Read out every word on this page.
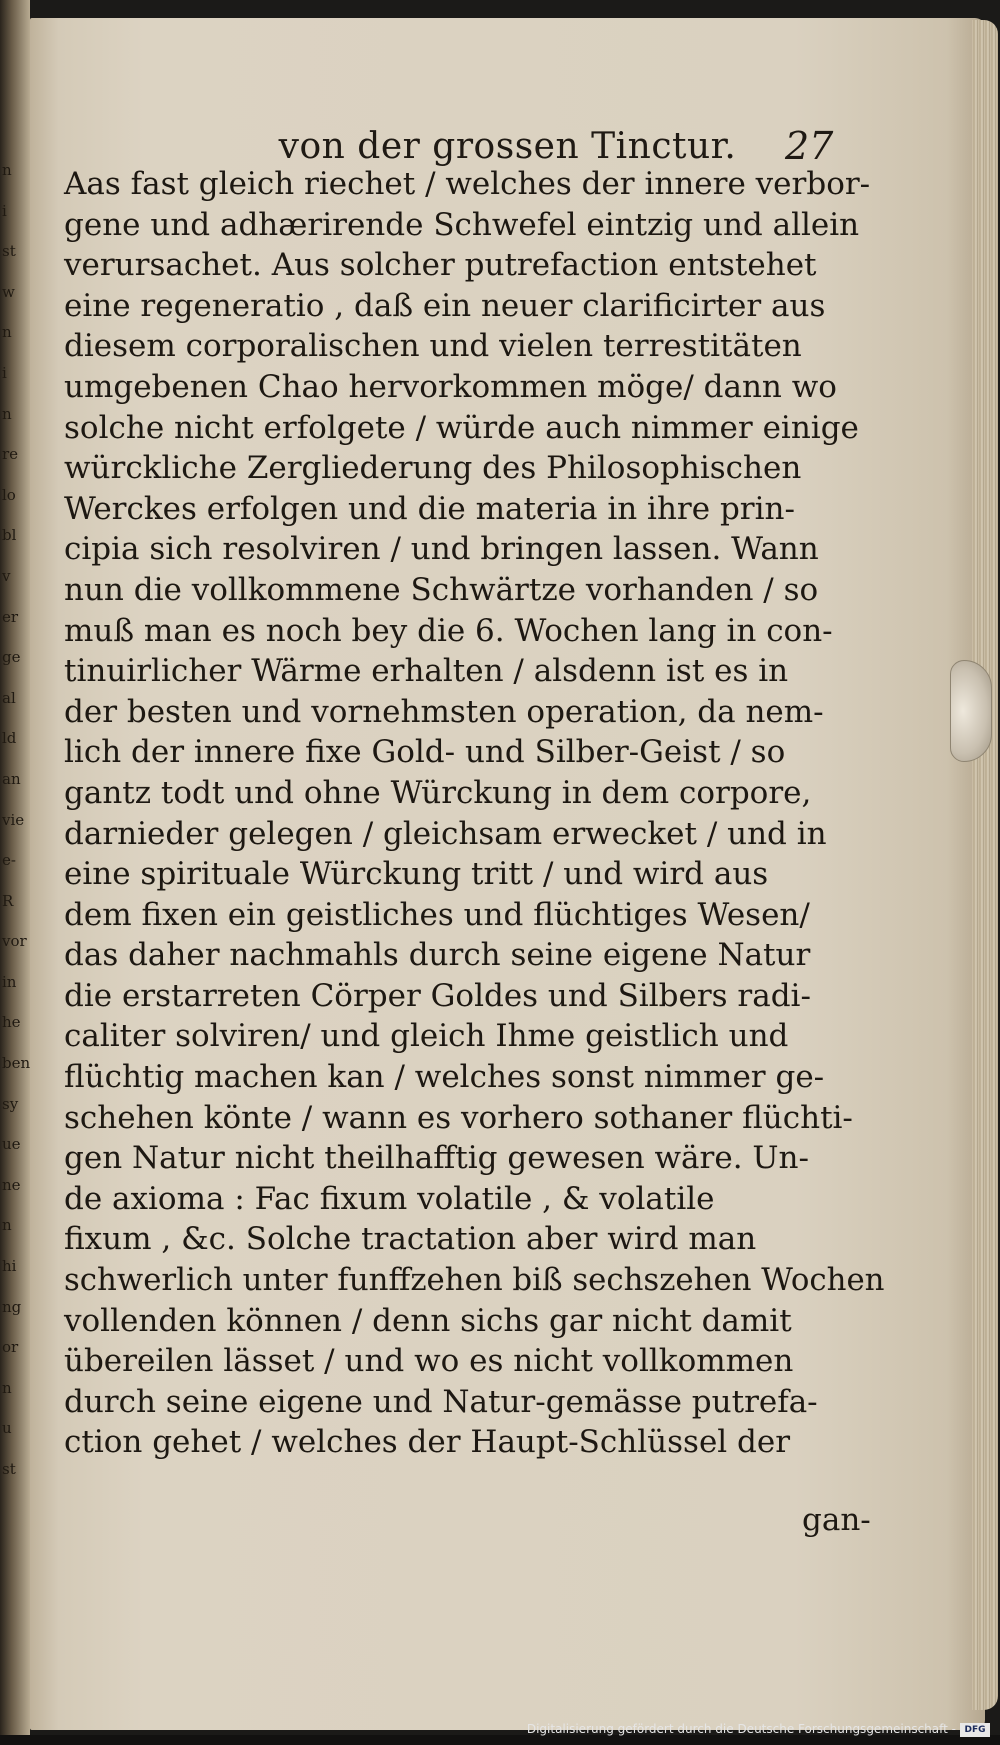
n
i
st
w
n
i
n
re
lo
bl
v
er
ge
al
ld
an
vie
e-
R
vor
in
he
ben
sy
ue
ne
n
hi
ng
or
n
u
st
von der grossen Tinctur.	27
Aas fast gleich riechet / welches der innere verbor-
gene und adhærirende Schwefel eintzig und allein
verursachet. Aus solcher putrefaction entstehet
eine regeneratio , daß ein neuer clarificirter aus
diesem corporalischen und vielen terrestitäten
umgebenen Chao hervorkommen möge/ dann wo
solche nicht erfolgete / würde auch nimmer einige
würckliche Zergliederung des Philosophischen
Werckes erfolgen und die materia in ihre prin-
cipia sich resolviren / und bringen lassen. Wann
nun die vollkommene Schwärtze vorhanden / so
muß man es noch bey die 6. Wochen lang in con-
tinuirlicher Wärme erhalten / alsdenn ist es in
der besten und vornehmsten operation, da nem-
lich der innere fixe Gold- und Silber-Geist / so
gantz todt und ohne Würckung in dem corpore,
darnieder gelegen / gleichsam erwecket / und in
eine spirituale Würckung tritt / und wird aus
dem fixen ein geistliches und flüchtiges Wesen/
das daher nachmahls durch seine eigene Natur
die erstarreten Cörper Goldes und Silbers radi-
caliter solviren/ und gleich Ihme geistlich und
flüchtig machen kan / welches sonst nimmer ge-
schehen könte / wann es vorhero sothaner flüchti-
gen Natur nicht theilhafftig gewesen wäre. Un-
de axioma : Fac fixum volatile , & volatile
fixum , &c. Solche tractation aber wird man
schwerlich unter funffzehen biß sechszehen Wochen
vollenden können / denn sichs gar nicht damit
übereilen lässet / und wo es nicht vollkommen
durch seine eigene und Natur-gemässe putrefa-
ction gehet / welches der Haupt-Schlüssel der
gan-
Digitalisierung gefördert durch die Deutsche Forschungsgemeinschaft - DFG
